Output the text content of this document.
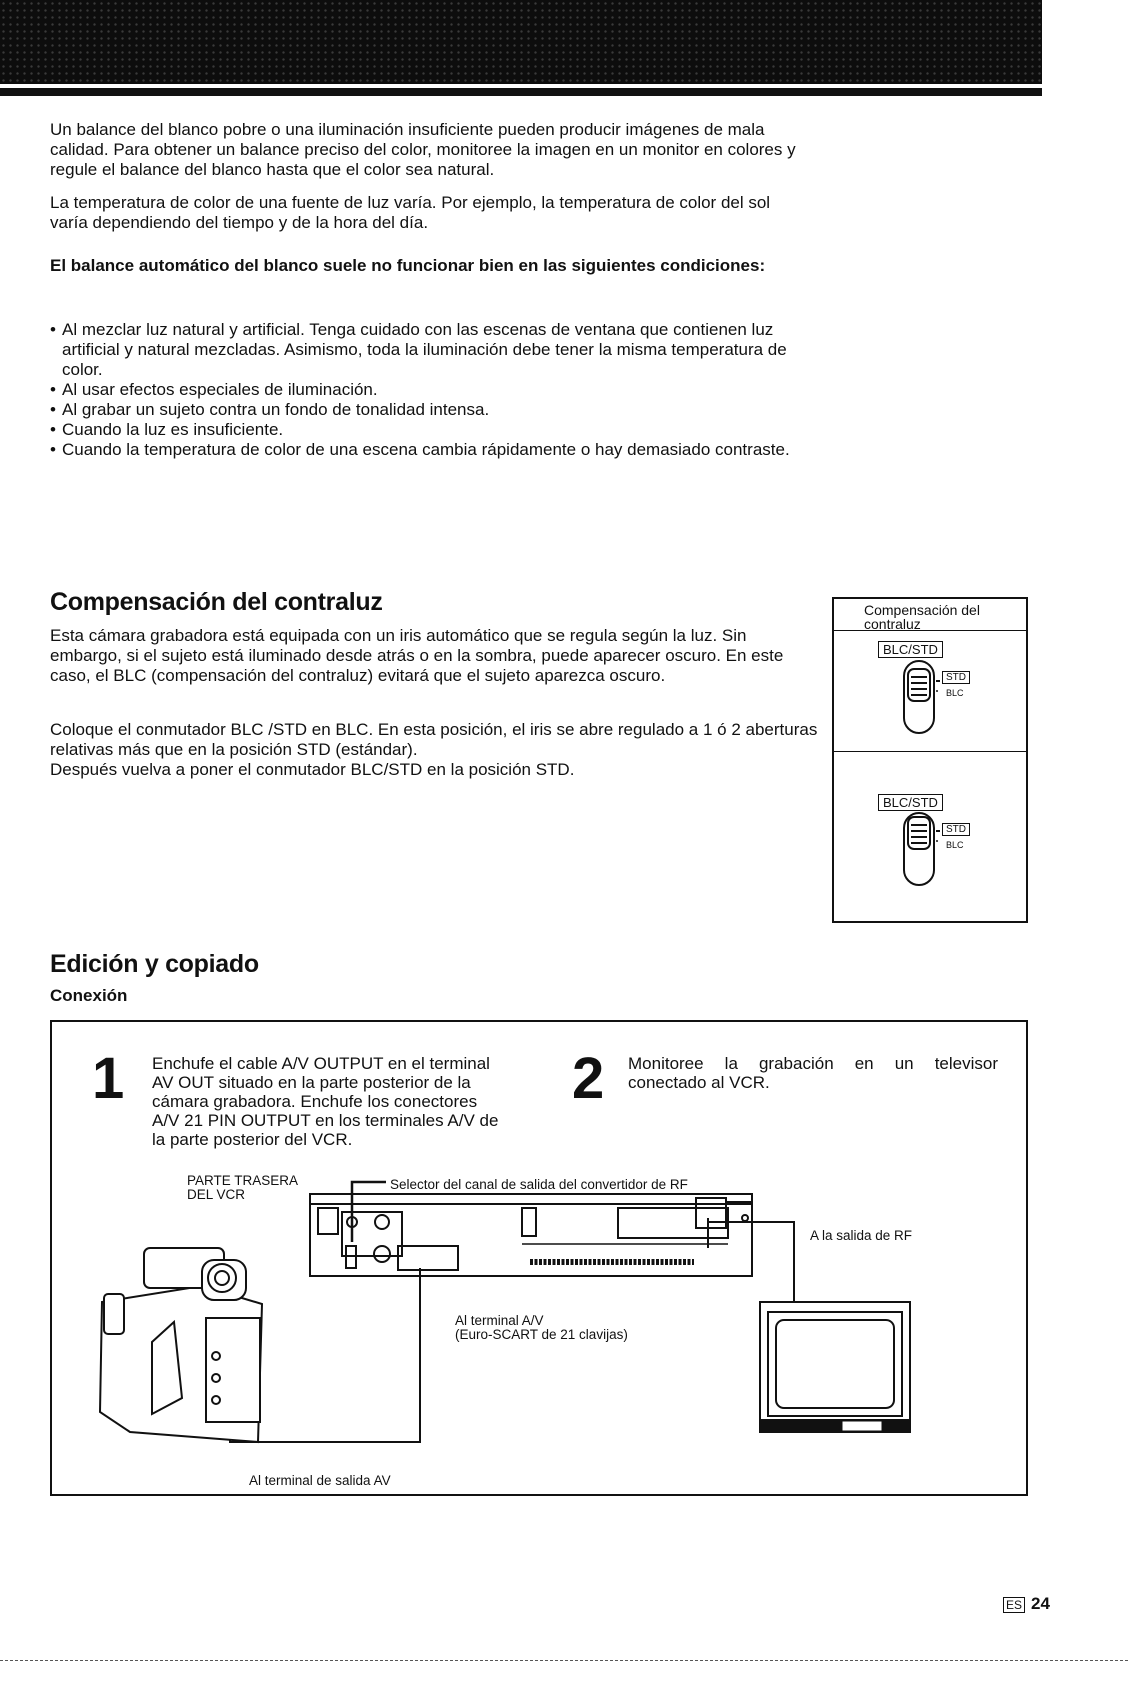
Un balance del blanco pobre o una iluminación insuficiente pueden producir imágenes de mala calidad. Para obtener un balance preciso del color, monitoree la imagen en un monitor en colores y regule el balance del blanco hasta que el color sea natural.

La temperatura de color de una fuente de luz varía. Por ejemplo, la temperatura de color del sol varía dependiendo del tiempo y de la hora del día.

El balance automático del blanco suele no funcionar bien en las siguientes condiciones:

• Al mezclar luz natural y artificial. Tenga cuidado con las escenas de ventana que contienen luz artificial y natural mezcladas. Asimismo, toda la iluminación debe tener la misma temperatura de color.
• Al usar efectos especiales de iluminación.
• Al grabar un sujeto contra un fondo de tonalidad intensa.
• Cuando la luz es insuficiente.
• Cuando la temperatura de color de una escena cambia rápidamente o hay demasiado contraste.
Compensación del contraluz

Esta cámara grabadora está equipada con un iris automático que se regula según la luz. Sin embargo, si el sujeto está iluminado desde atrás o en la sombra, puede aparecer oscuro. En este caso, el BLC (compensación del contraluz) evitará que el sujeto aparezca oscuro.

Coloque el conmutador BLC /STD en BLC. En esta posición, el iris se abre regulado a 1 ó 2 aberturas relativas más que en la posición STD (estándar).

Después vuelva a poner el conmutador BLC/STD en la posición STD.

Compensación del contraluz
BLC/STD
STD
BLC
BLC/STD
STD
BLC
Edición y copiado
Conexión
1 Enchufe el cable A/V OUTPUT en el terminal AV OUT situado en la parte posterior de la cámara grabadora. Enchufe los conectores A/V 21 PIN OUTPUT en los terminales A/V de la parte posterior del VCR.

2 Monitoree la grabación en un televisor conectado al VCR.

PARTE TRASERA
DEL VCR
Selector del canal de salida del convertidor de RF
A la salida de RF
Al terminal A/V
(Euro-SCART de 21 clavijas)
Al terminal de salida AV
ES 24
